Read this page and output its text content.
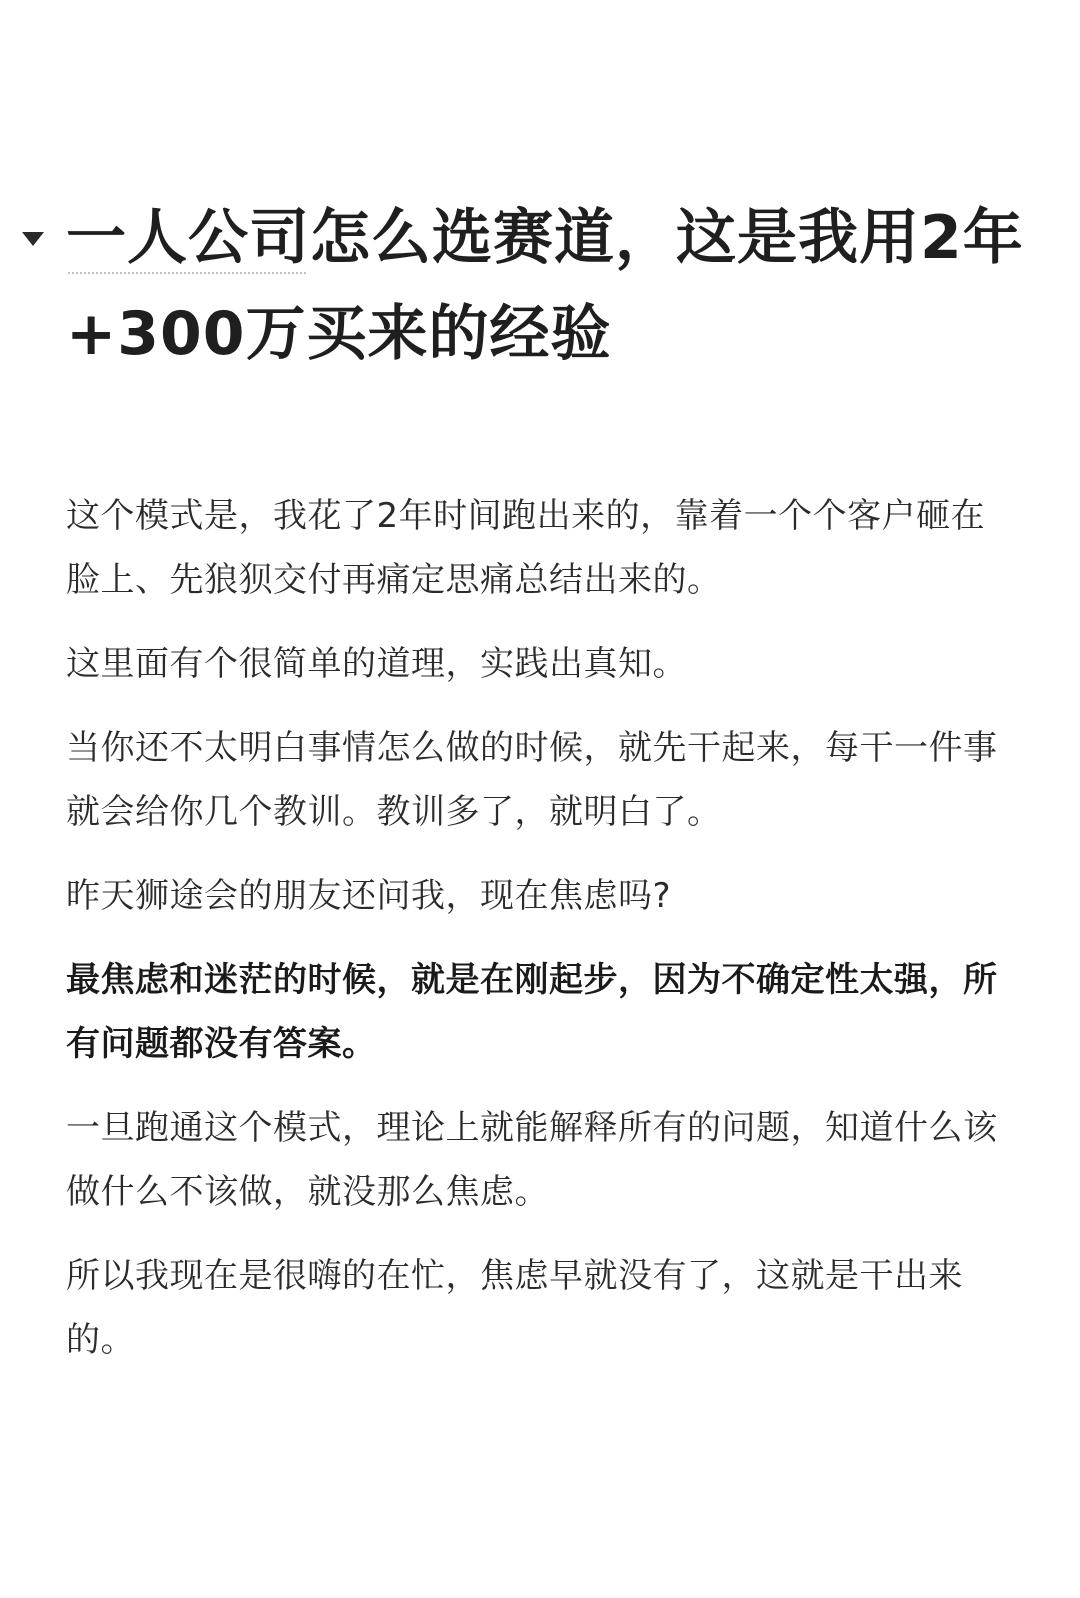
一人公司怎么选赛道，这是我用2年+300万买来的经验

这个模式是，我花了2年时间跑出来的，靠着一个个客户砸在脸上、先狼狈交付再痛定思痛总结出来的。

这里面有个很简单的道理，实践出真知。

当你还不太明白事情怎么做的时候，就先干起来，每干一件事就会给你几个教训。教训多了，就明白了。

昨天狮途会的朋友还问我，现在焦虑吗?

最焦虑和迷茫的时候，就是在刚起步，因为不确定性太强，所有问题都没有答案。

一旦跑通这个模式，理论上就能解释所有的问题，知道什么该做什么不该做，就没那么焦虑。

所以我现在是很嗨的在忙，焦虑早就没有了，这就是干出来的。
